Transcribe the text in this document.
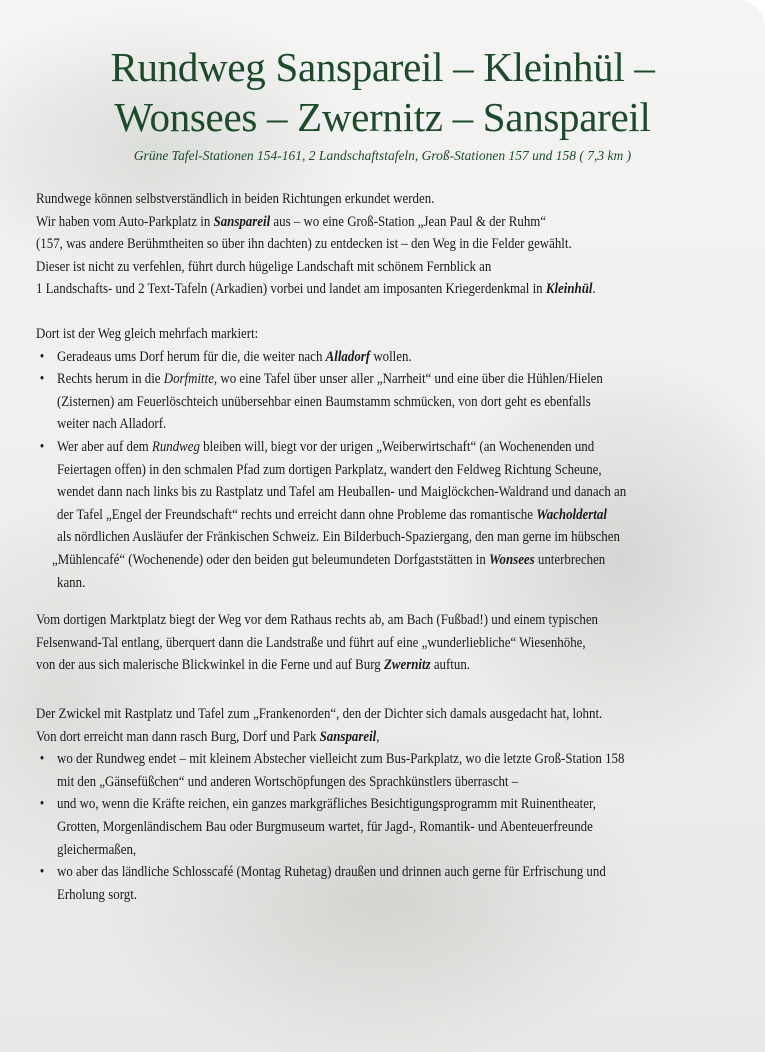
Rundweg Sanspareil – Kleinhül –
Wonsees – Zwernitz – Sanspareil
Grüne Tafel-Stationen 154-161, 2 Landschaftstafeln, Groß-Stationen 157 und 158 ( 7,3 km )
Rundwege können selbstverständlich in beiden Richtungen erkundet werden.
Wir haben vom Auto-Parkplatz in Sanspareil aus – wo eine Groß-Station „Jean Paul & der Ruhm“
(157, was andere Berühmtheiten so über ihn dachten) zu entdecken ist – den Weg in die Felder gewählt.
Dieser ist nicht zu verfehlen, führt durch hügelige Landschaft mit schönem Fernblick an
1 Landschafts- und 2 Text-Tafeln (Arkadien) vorbei und landet am imposanten Kriegerdenkmal in Kleinhül.
Dort ist der Weg gleich mehrfach markiert:
• Geradeaus ums Dorf herum für die, die weiter nach Alladorf wollen.
• Rechts herum in die Dorfmitte, wo eine Tafel über unser aller „Narrheit“ und eine über die Hühlen/Hielen
(Zisternen) am Feuerlöschteich unübersehbar einen Baumstamm schmücken, von dort geht es ebenfalls
weiter nach Alladorf.
• Wer aber auf dem Rundweg bleiben will, biegt vor der urigen „Weiberwirtschaft“ (an Wochenenden und
Feiertagen offen) in den schmalen Pfad zum dortigen Parkplatz, wandert den Feldweg Richtung Scheune,
wendet dann nach links bis zu Rastplatz und Tafel am Heuballen- und Maiglöckchen-Waldrand und danach an
der Tafel „Engel der Freundschaft“ rechts und erreicht dann ohne Probleme das romantische Wacholdertal
als nördlichen Ausläufer der Fränkischen Schweiz. Ein Bilderbuch-Spaziergang, den man gerne im hübschen
„Mühlencafé“ (Wochenende) oder den beiden gut beleumundeten Dorfgaststätten in Wonsees unterbrechen
kann.
Vom dortigen Marktplatz biegt der Weg vor dem Rathaus rechts ab, am Bach (Fußbad!) und einem typischen
Felsenwand-Tal entlang, überquert dann die Landstraße und führt auf eine „wunderliebliche“ Wiesenhöhe,
von der aus sich malerische Blickwinkel in die Ferne und auf Burg Zwernitz auftun.
Der Zwickel mit Rastplatz und Tafel zum „Frankenorden“, den der Dichter sich damals ausgedacht hat, lohnt.
Von dort erreicht man dann rasch Burg, Dorf und Park Sanspareil,
• wo der Rundweg endet – mit kleinem Abstecher vielleicht zum Bus-Parkplatz, wo die letzte Groß-Station 158
mit den „Gänsefüßchen“ und anderen Wortschöpfungen des Sprachkünstlers überrascht –
• und wo, wenn die Kräfte reichen, ein ganzes markgräfliches Besichtigungsprogramm mit Ruinentheater,
Grotten, Morgenländischem Bau oder Burgmuseum wartet, für Jagd-, Romantik- und Abenteuerfreunde
gleichermaßen,
• wo aber das ländliche Schlosscafé (Montag Ruhetag) draußen und drinnen auch gerne für Erfrischung und
Erholung sorgt.
